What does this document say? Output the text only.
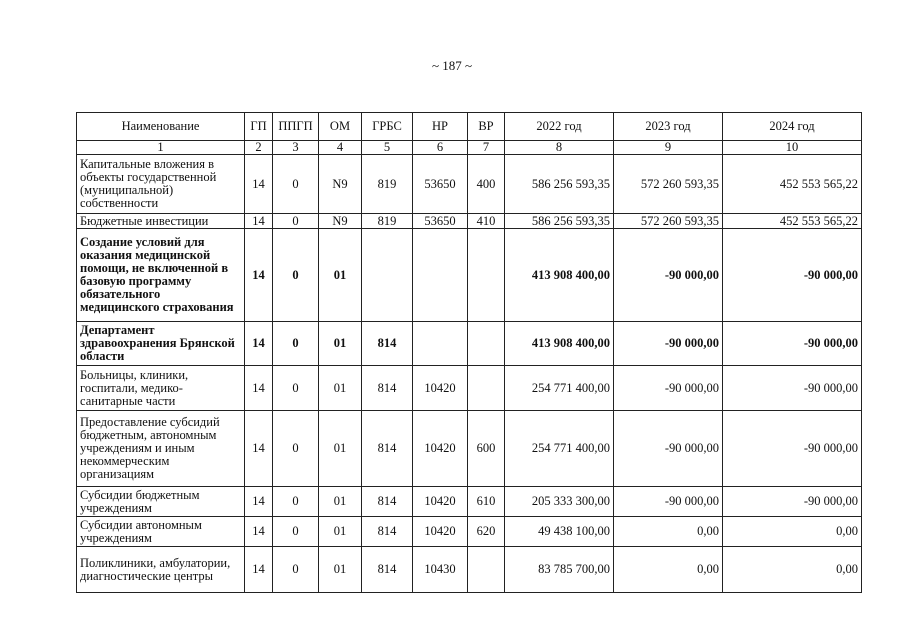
~ 187 ~
Наименование	ГП	ППГП	ОМ	ГРБС	НР	ВР	2022 год	2023 год	2024 год
1	2	3	4	5	6	7	8	9	10
Капитальные вложения в объекты государственной (муниципальной) собственности	14	0	N9	819	53650	400	586 256 593,35	572 260 593,35	452 553 565,22
Бюджетные инвестиции	14	0	N9	819	53650	410	586 256 593,35	572 260 593,35	452 553 565,22
Создание условий для оказания медицинской помощи, не включенной в базовую программу обязательного медицинского страхования	14	0	01				413 908 400,00	-90 000,00	-90 000,00
Департамент здравоохранения Брянской области	14	0	01	814			413 908 400,00	-90 000,00	-90 000,00
Больницы, клиники, госпитали, медико-санитарные части	14	0	01	814	10420		254 771 400,00	-90 000,00	-90 000,00
Предоставление субсидий бюджетным, автономным учреждениям и иным некоммерческим организациям	14	0	01	814	10420	600	254 771 400,00	-90 000,00	-90 000,00
Субсидии бюджетным учреждениям	14	0	01	814	10420	610	205 333 300,00	-90 000,00	-90 000,00
Субсидии автономным учреждениям	14	0	01	814	10420	620	49 438 100,00	0,00	0,00
Поликлиники, амбулатории, диагностические центры	14	0	01	814	10430		83 785 700,00	0,00	0,00
